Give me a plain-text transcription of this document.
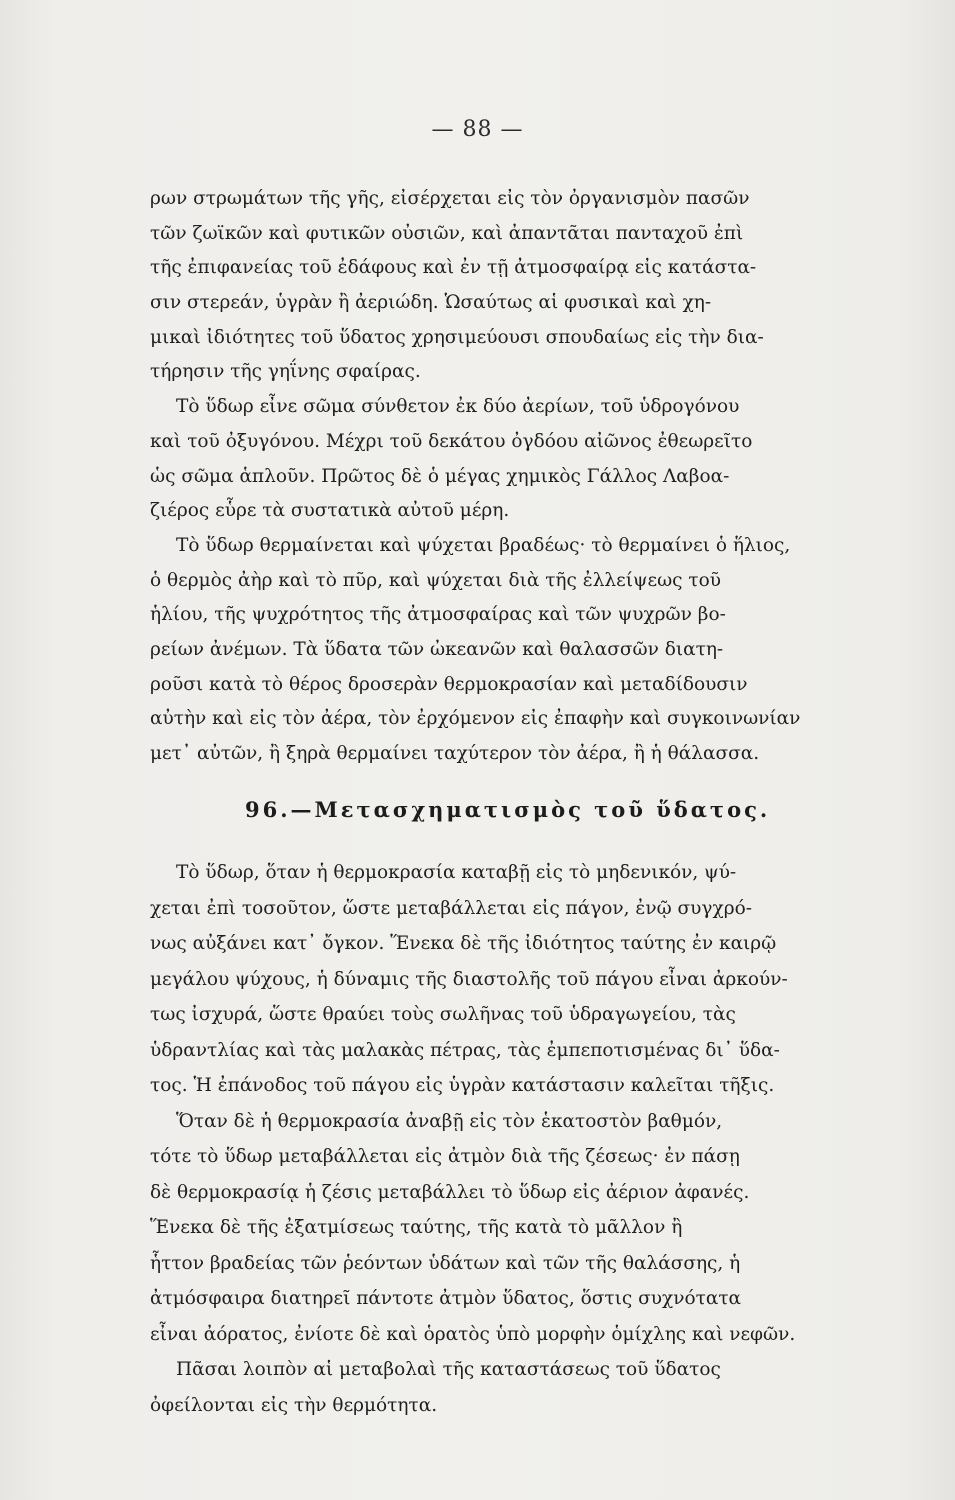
— 88 —
ρων στρωμάτων τῆς γῆς, εἰσέρχεται εἰς τὸν ὀργανισμὸν πασῶν
τῶν ζωϊκῶν καὶ φυτικῶν οὐσιῶν, καὶ ἀπαντᾶται πανταχοῦ ἐπὶ
τῆς ἐπιφανείας τοῦ ἐδάφους καὶ ἐν τῇ ἀτμοσφαίρᾳ εἰς κατάστα-
σιν στερεάν, ὑγρὰν ἢ ἀεριώδη. Ὡσαύτως αἱ φυσικαὶ καὶ χη-
μικαὶ ἰδιότητες τοῦ ὕδατος χρησιμεύουσι σπουδαίως εἰς τὴν δια-
τήρησιν τῆς γηΐνης σφαίρας.
Τὸ ὕδωρ εἶνε σῶμα σύνθετον ἐκ δύο ἀερίων, τοῦ ὑδρογόνου
καὶ τοῦ ὀξυγόνου. Μέχρι τοῦ δεκάτου ὀγδόου αἰῶνος ἐθεωρεῖτο
ὡς σῶμα ἁπλοῦν. Πρῶτος δὲ ὁ μέγας χημικὸς Γάλλος Λαβοα-
ζιέρος εὗρε τὰ συστατικὰ αὐτοῦ μέρη.
Τὸ ὕδωρ θερμαίνεται καὶ ψύχεται βραδέως· τὸ θερμαίνει ὁ ἥλιος,
ὁ θερμὸς ἀὴρ καὶ τὸ πῦρ, καὶ ψύχεται διὰ τῆς ἐλλείψεως τοῦ
ἡλίου, τῆς ψυχρότητος τῆς ἀτμοσφαίρας καὶ τῶν ψυχρῶν βο-
ρείων ἀνέμων. Τὰ ὕδατα τῶν ὠκεανῶν καὶ θαλασσῶν διατη-
ροῦσι κατὰ τὸ θέρος δροσερὰν θερμοκρασίαν καὶ μεταδίδουσιν
αὐτὴν καὶ εἰς τὸν ἀέρα, τὸν ἐρχόμενον εἰς ἐπαφὴν καὶ συγκοινωνίαν
μετ᾿ αὐτῶν, ἢ ξηρὰ θερμαίνει ταχύτερον τὸν ἀέρα, ἢ ἡ θάλασσα.
96.—Μετασχηματισμὸς τοῦ ὕδατος.
Τὸ ὕδωρ, ὅταν ἡ θερμοκρασία καταβῇ εἰς τὸ μηδενικόν, ψύ-
χεται ἐπὶ τοσοῦτον, ὥστε μεταβάλλεται εἰς πάγον, ἐνῷ συγχρό-
νως αὐξάνει κατ᾿ ὄγκον. Ἕνεκα δὲ τῆς ἰδιότητος ταύτης ἐν καιρῷ
μεγάλου ψύχους, ἡ δύναμις τῆς διαστολῆς τοῦ πάγου εἶναι ἀρκούν-
τως ἰσχυρά, ὥστε θραύει τοὺς σωλῆνας τοῦ ὑδραγωγείου, τὰς
ὑδραντλίας καὶ τὰς μαλακὰς πέτρας, τὰς ἐμπεποτισμένας δι᾿ ὕδα-
τος. Ἡ ἐπάνοδος τοῦ πάγου εἰς ὑγρὰν κατάστασιν καλεῖται τῆξις.
Ὅταν δὲ ἡ θερμοκρασία ἀναβῇ εἰς τὸν ἑκατοστὸν βαθμόν,
τότε τὸ ὕδωρ μεταβάλλεται εἰς ἀτμὸν διὰ τῆς ζέσεως· ἐν πάσῃ
δὲ θερμοκρασίᾳ ἡ ζέσις μεταβάλλει τὸ ὕδωρ εἰς ἀέριον ἀφανές.
Ἕνεκα δὲ τῆς ἐξατμίσεως ταύτης, τῆς κατὰ τὸ μᾶλλον ἢ
ἧττον βραδείας τῶν ῥεόντων ὑδάτων καὶ τῶν τῆς θαλάσσης, ἡ
ἀτμόσφαιρα διατηρεῖ πάντοτε ἀτμὸν ὕδατος, ὅστις συχνότατα
εἶναι ἀόρατος, ἐνίοτε δὲ καὶ ὁρατὸς ὑπὸ μορφὴν ὁμίχλης καὶ νεφῶν.
Πᾶσαι λοιπὸν αἱ μεταβολαὶ τῆς καταστάσεως τοῦ ὕδατος
ὀφείλονται εἰς τὴν θερμότητα.
